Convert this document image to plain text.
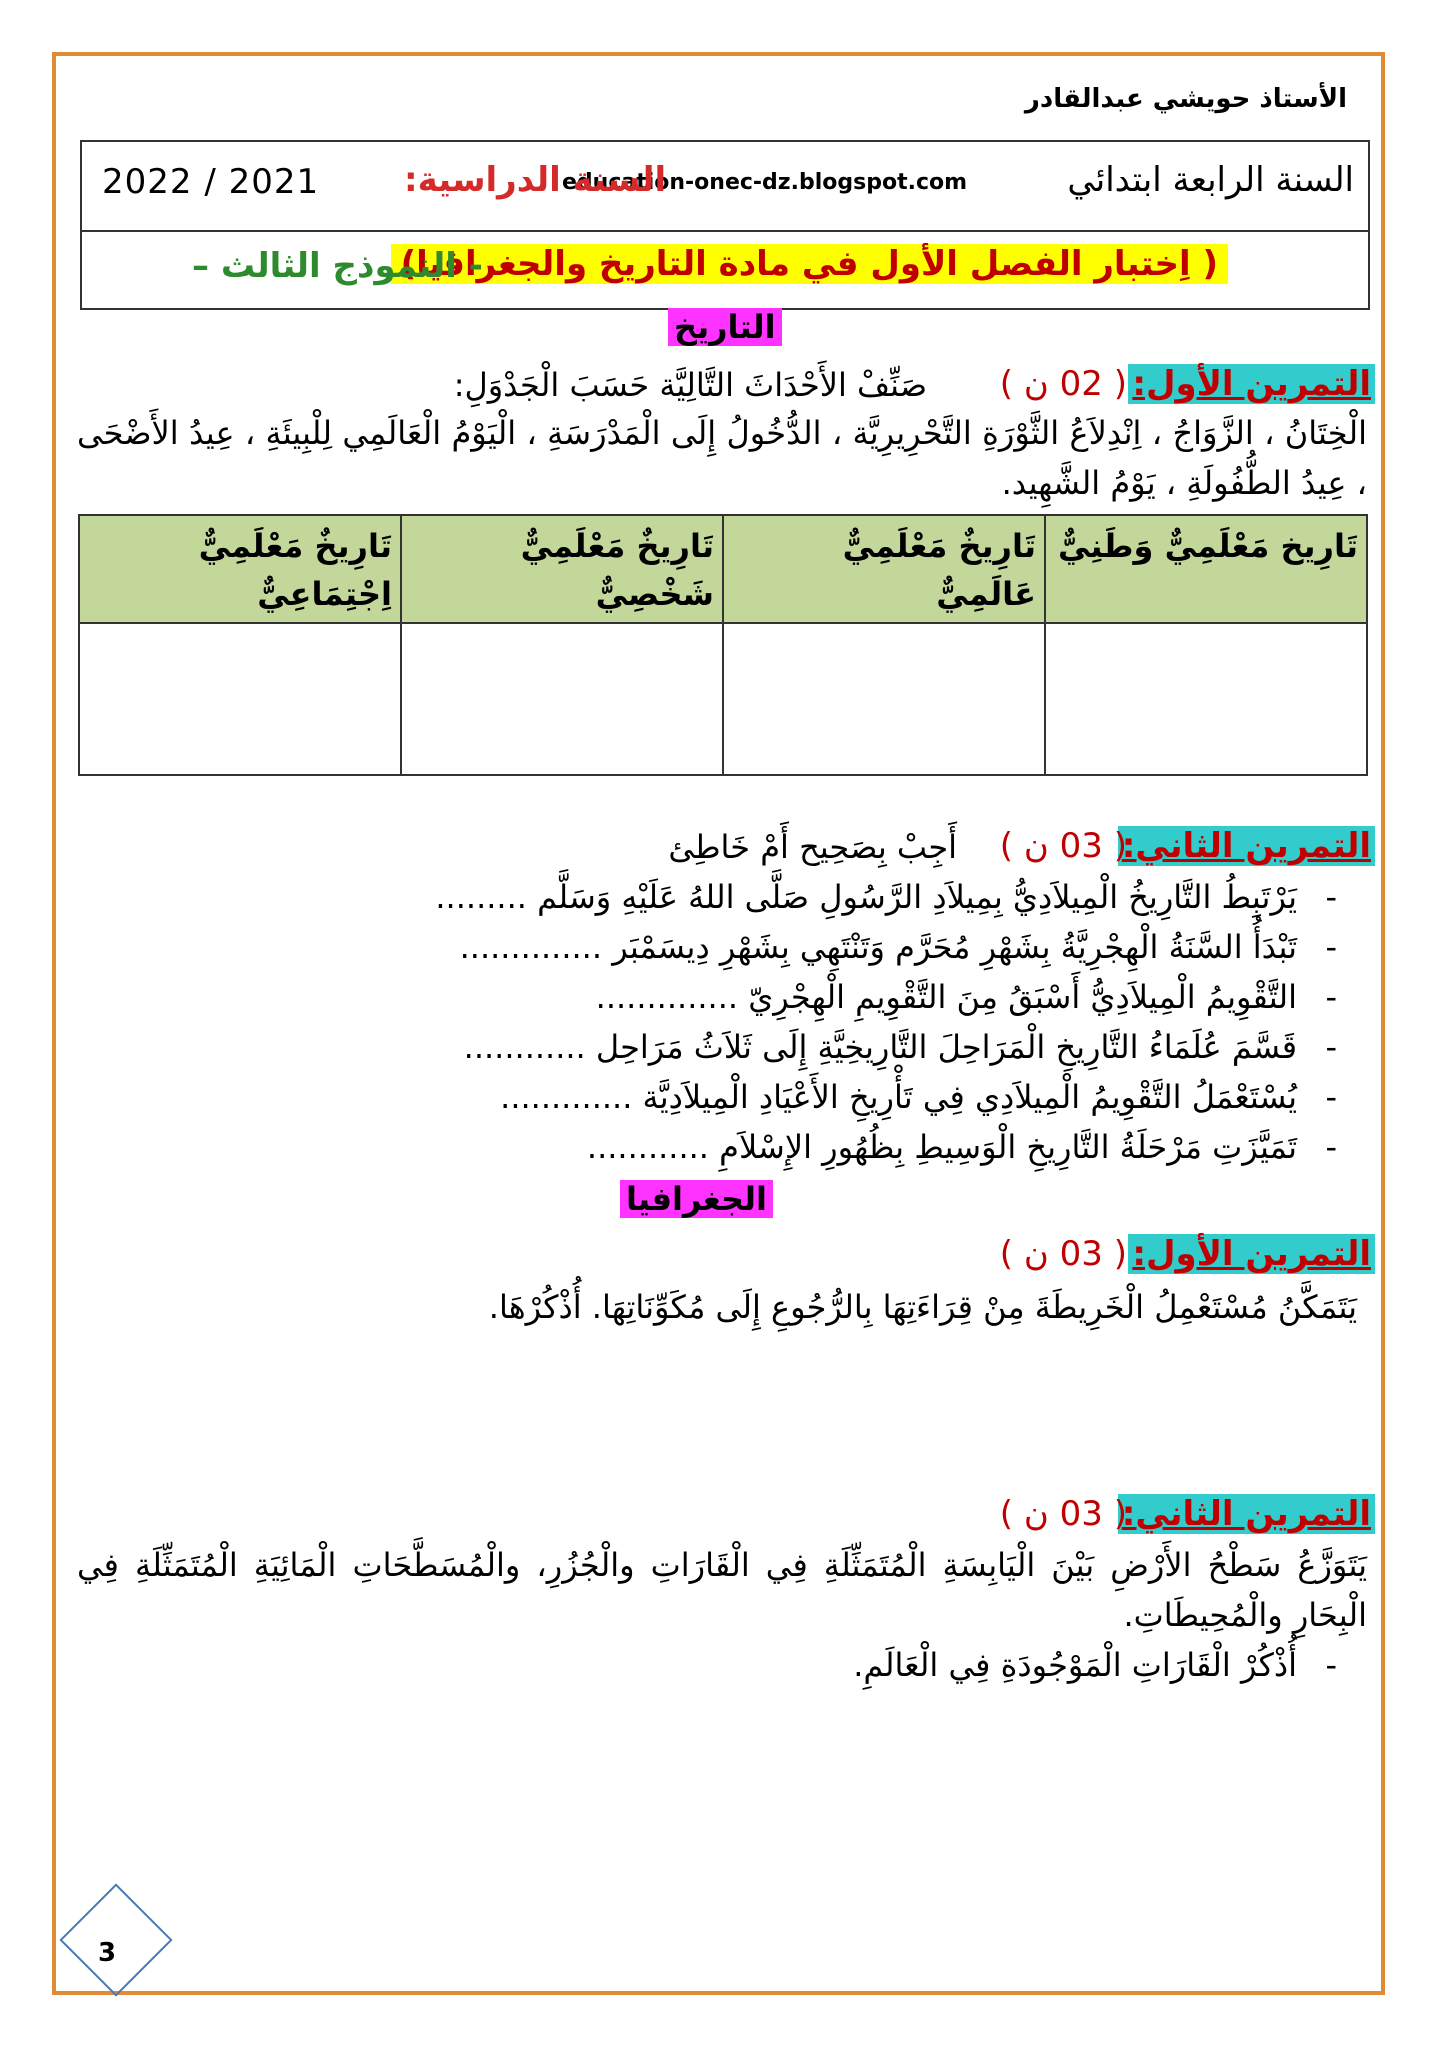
الأستاذ حويشي عبدالقادر
السنة الرابعة ابتدائي
education-onec-dz.blogspot.com
السنة الدراسية:
2022 / 2021
( اِختبار الفصل الأول في مادة التاريخ والجغرافيا)
- النموذج الثالث –
التاريخ
التمرين الأول:
( 02 ن )
صَنِّفْ الأَحْدَاثَ التَّالِيَّة حَسَبَ الْجَدْوَلِ:
الْخِتَانُ ، الزَّوَاجُ ، اِنْدِلاَعُ الثَّوْرَةِ التَّحْرِيرِيَّة ، الدُّخُولُ إِلَى الْمَدْرَسَةِ ، الْيَوْمُ الْعَالَمِي لِلْبِيئَةِ ، عِيدُ الأَضْحَى ، عِيدُ الطُّفُولَةِ ، يَوْمُ الشَّهِيد.
تَارِيخ مَعْلَمِيٌّ وَطَنِيٌّ	تَارِيخٌ مَعْلَمِيٌّ عَالَمِيٌّ	تَارِيخٌ مَعْلَمِيٌّ شَخْصِيٌّ	تَارِيخٌ مَعْلَمِيٌّ اِجْتِمَاعِيٌّ

التمرين الثاني:
( 03 ن )
أَجِبْ بِصَحِيح أَمْ خَاطِئ
- يَرْتَبِطُ التَّارِيخُ الْمِيلاَدِيُّ بِمِيلاَدِ الرَّسُولِ صَلَّى اللهُ عَلَيْهِ وَسَلَّم .........
- تَبْدَأُ السَّنَةُ الْهِجْرِيَّةُ بِشَهْرِ مُحَرَّم وَتَنْتَهِي بِشَهْرِ دِيسَمْبَر ..............
- التَّقْوِيمُ الْمِيلاَدِيُّ أَسْبَقُ مِنَ التَّقْوِيمِ الْهِجْرِيّ ..............
- قَسَّمَ عُلَمَاءُ التَّارِيخِ الْمَرَاحِلَ التَّارِيخِيَّةِ إِلَى ثَلاَثُ مَرَاحِل ............
- يُسْتَعْمَلُ التَّقْوِيمُ الْمِيلاَدِي فِي تَأْرِيخِ الأَعْيَادِ الْمِيلاَدِيَّة .............
- تَمَيَّزَتِ مَرْحَلَةُ التَّارِيخِ الْوَسِيطِ بِظُهُورِ الإِسْلاَمِ ............
الجغرافيا
التمرين الأول:
( 03 ن )
يَتَمَكَّنُ مُسْتَعْمِلُ الْخَرِيطَةَ مِنْ قِرَاءَتِهَا بِالرُّجُوعِ إِلَى مُكَوِّنَاتِهَا. أُذْكُرْهَا.
التمرين الثاني:
( 03 ن )
يَتَوَزَّعُ سَطْحُ الأَرْضِ بَيْنَ الْيَابِسَةِ الْمُتَمَثِّلَةِ فِي الْقَارَاتِ والْجُزُرِ، والْمُسَطَّحَاتِ الْمَائِيَةِ الْمُتَمَثِّلَةِ فِي الْبِحَارِ والْمُحِيطَاتِ.
- أُذْكُرْ الْقَارَاتِ الْمَوْجُودَةِ فِي الْعَالَمِ.
3
